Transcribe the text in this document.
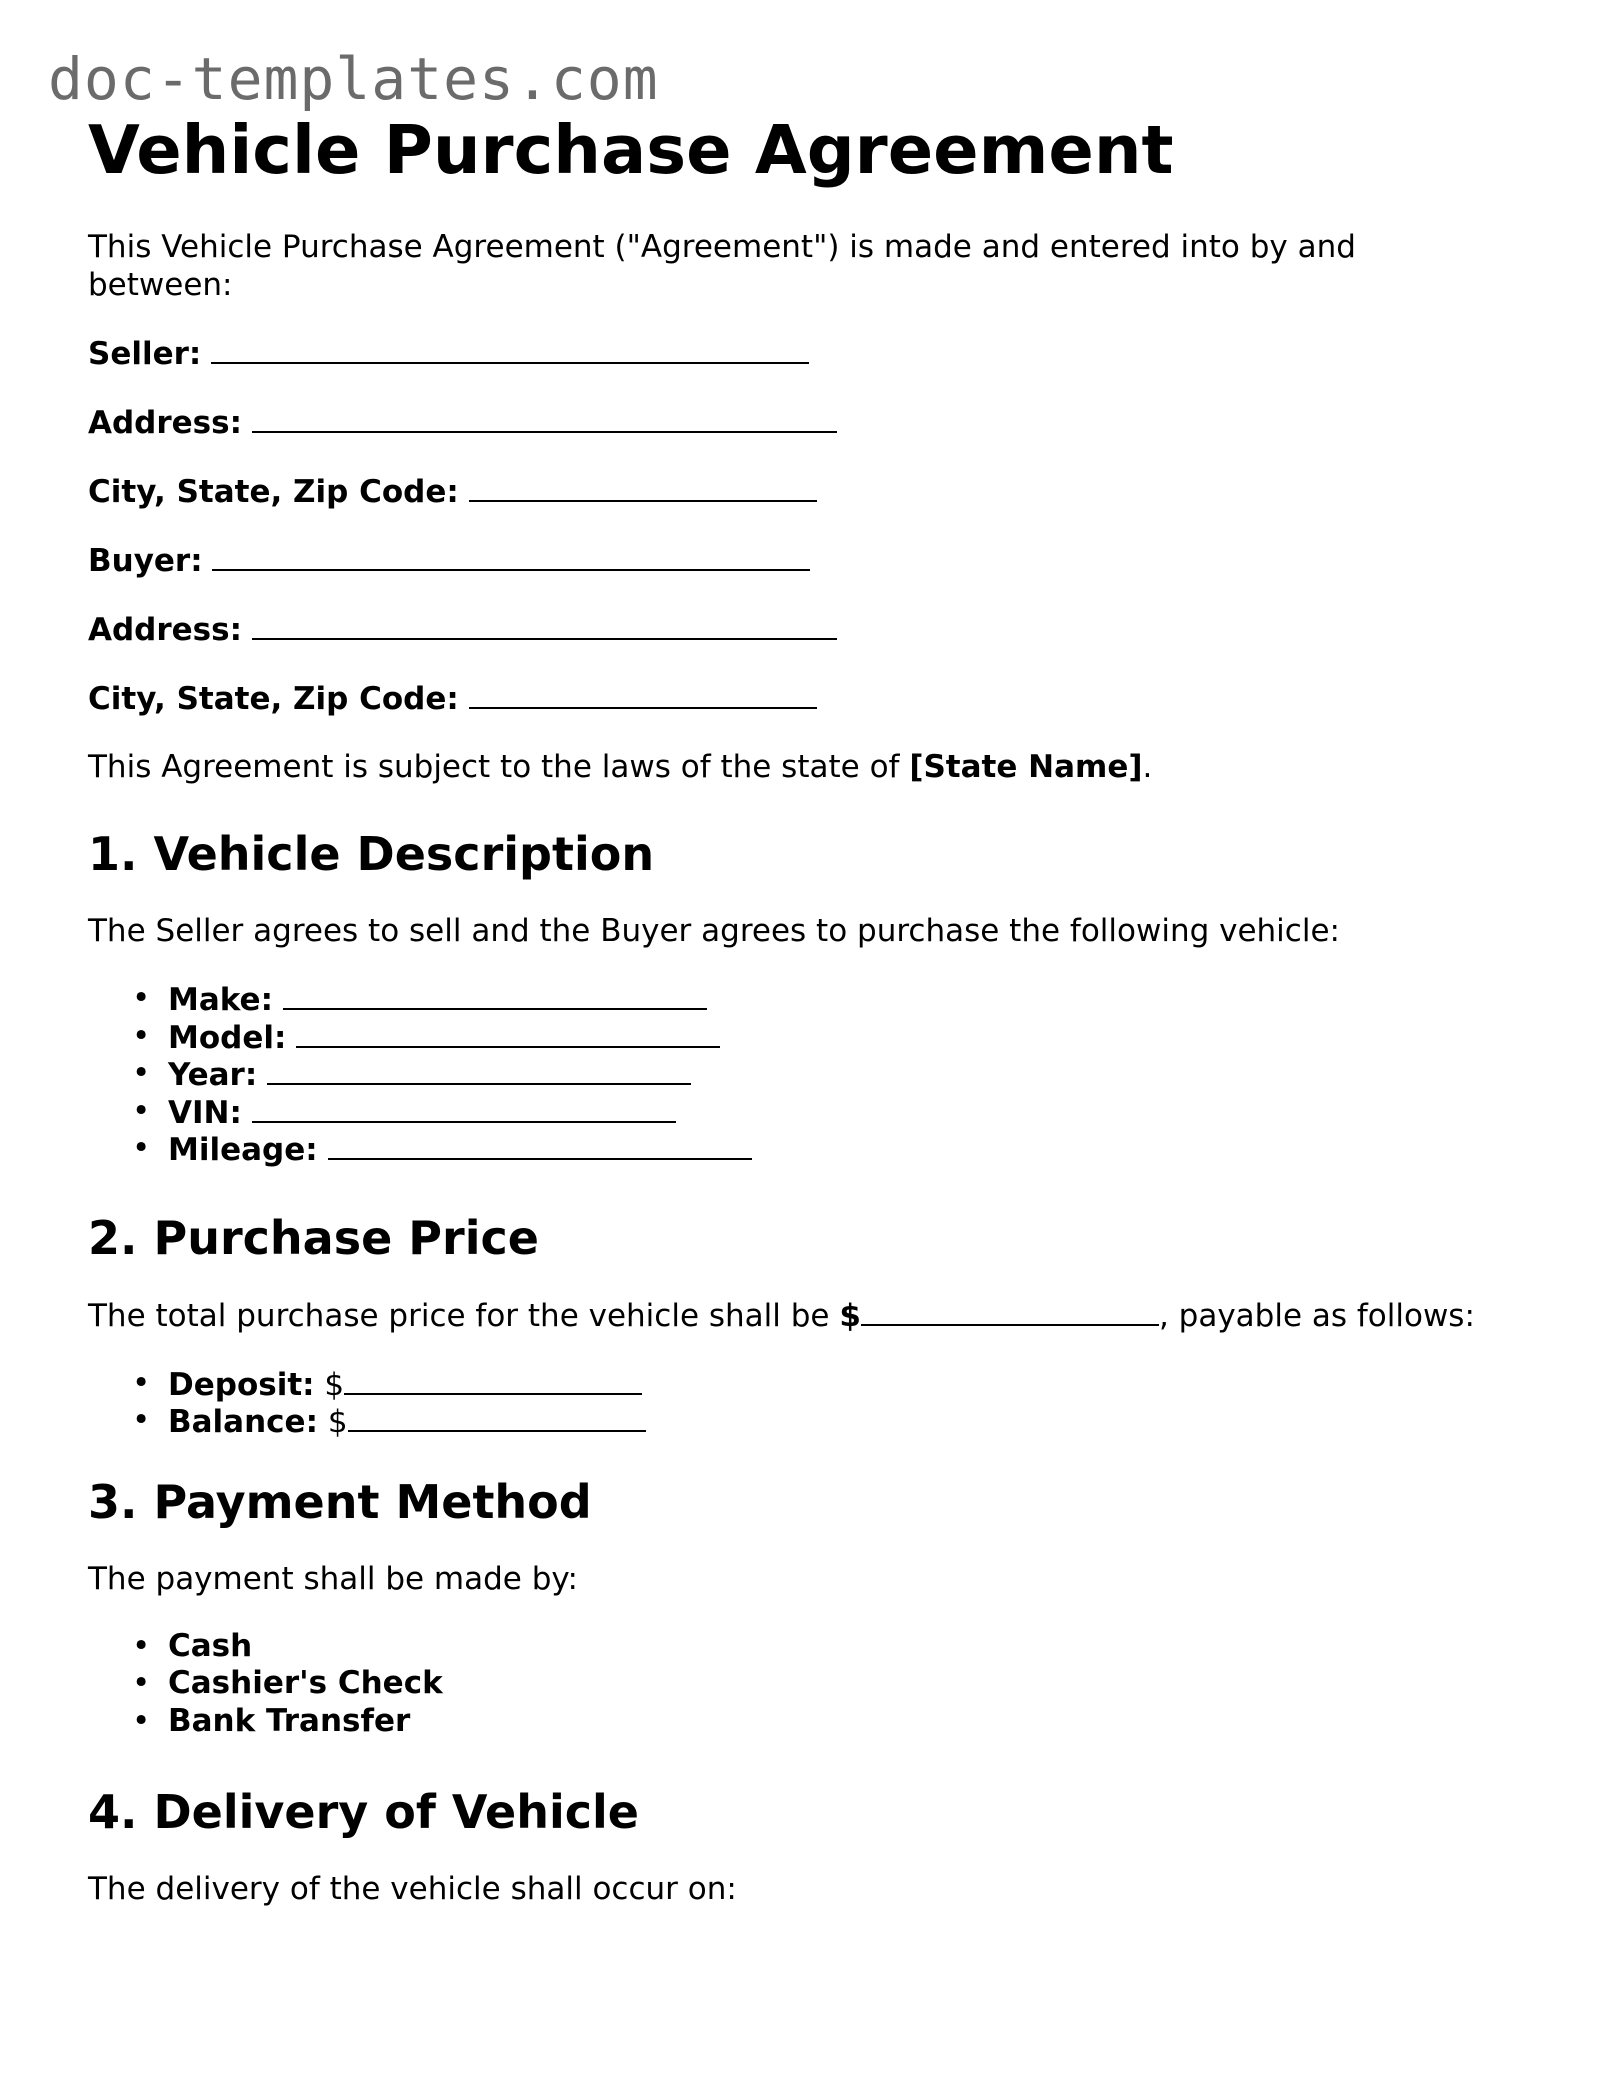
doc-templates.com
Vehicle Purchase Agreement

This Vehicle Purchase Agreement ("Agreement") is made and entered into by and between:

Seller:

Address:

City, State, Zip Code:

Buyer:

Address:

City, State, Zip Code:

This Agreement is subject to the laws of the state of [State Name].

1. Vehicle Description

The Seller agrees to sell and the Buyer agrees to purchase the following vehicle:

• Make:
• Model:
• Year:
• VIN:
• Mileage:
2. Purchase Price

The total purchase price for the vehicle shall be $	, payable as follows:

• Deposit: $
• Balance: $
3. Payment Method

The payment shall be made by:

• Cash
• Cashier's Check
• Bank Transfer
4. Delivery of Vehicle

The delivery of the vehicle shall occur on:
